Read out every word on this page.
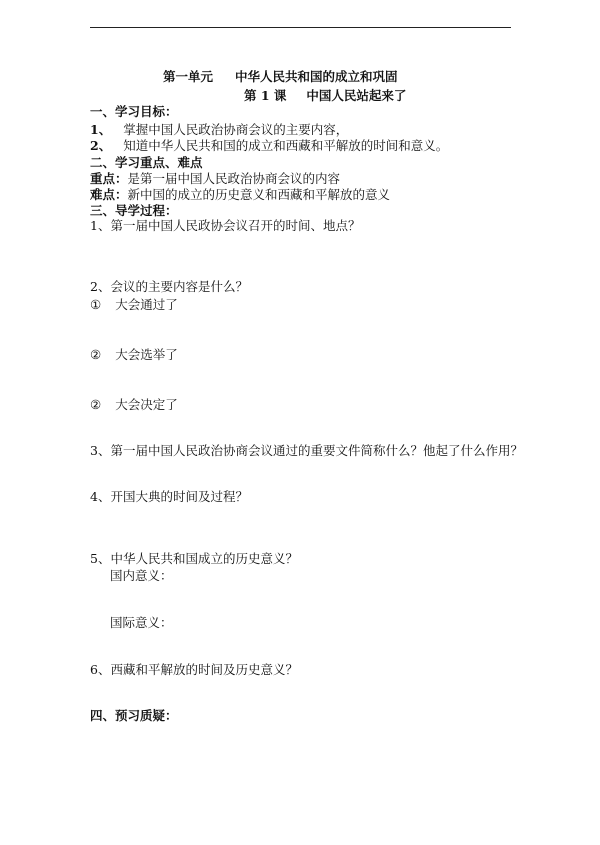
第一单元 中华人民共和国的成立和巩固
第 1 课 中国人民站起来了
一、学习目标：
1、 掌握中国人民政治协商会议的主要内容，
2、 知道中华人民共和国的成立和西藏和平解放的时间和意义。
二、学习重点、难点
重点：是第一届中国人民政治协商会议的内容
难点：新中国的成立的历史意义和西藏和平解放的意义
三、导学过程：
1、第一届中国人民政协会议召开的时间、地点？
2、会议的主要内容是什么？
① 大会通过了
② 大会选举了
② 大会决定了
3、第一届中国人民政治协商会议通过的重要文件简称什么？他起了什么作用？
4、开国大典的时间及过程？
5、中华人民共和国成立的历史意义？
国内意义：
国际意义：
6、西藏和平解放的时间及历史意义？
四、预习质疑：
